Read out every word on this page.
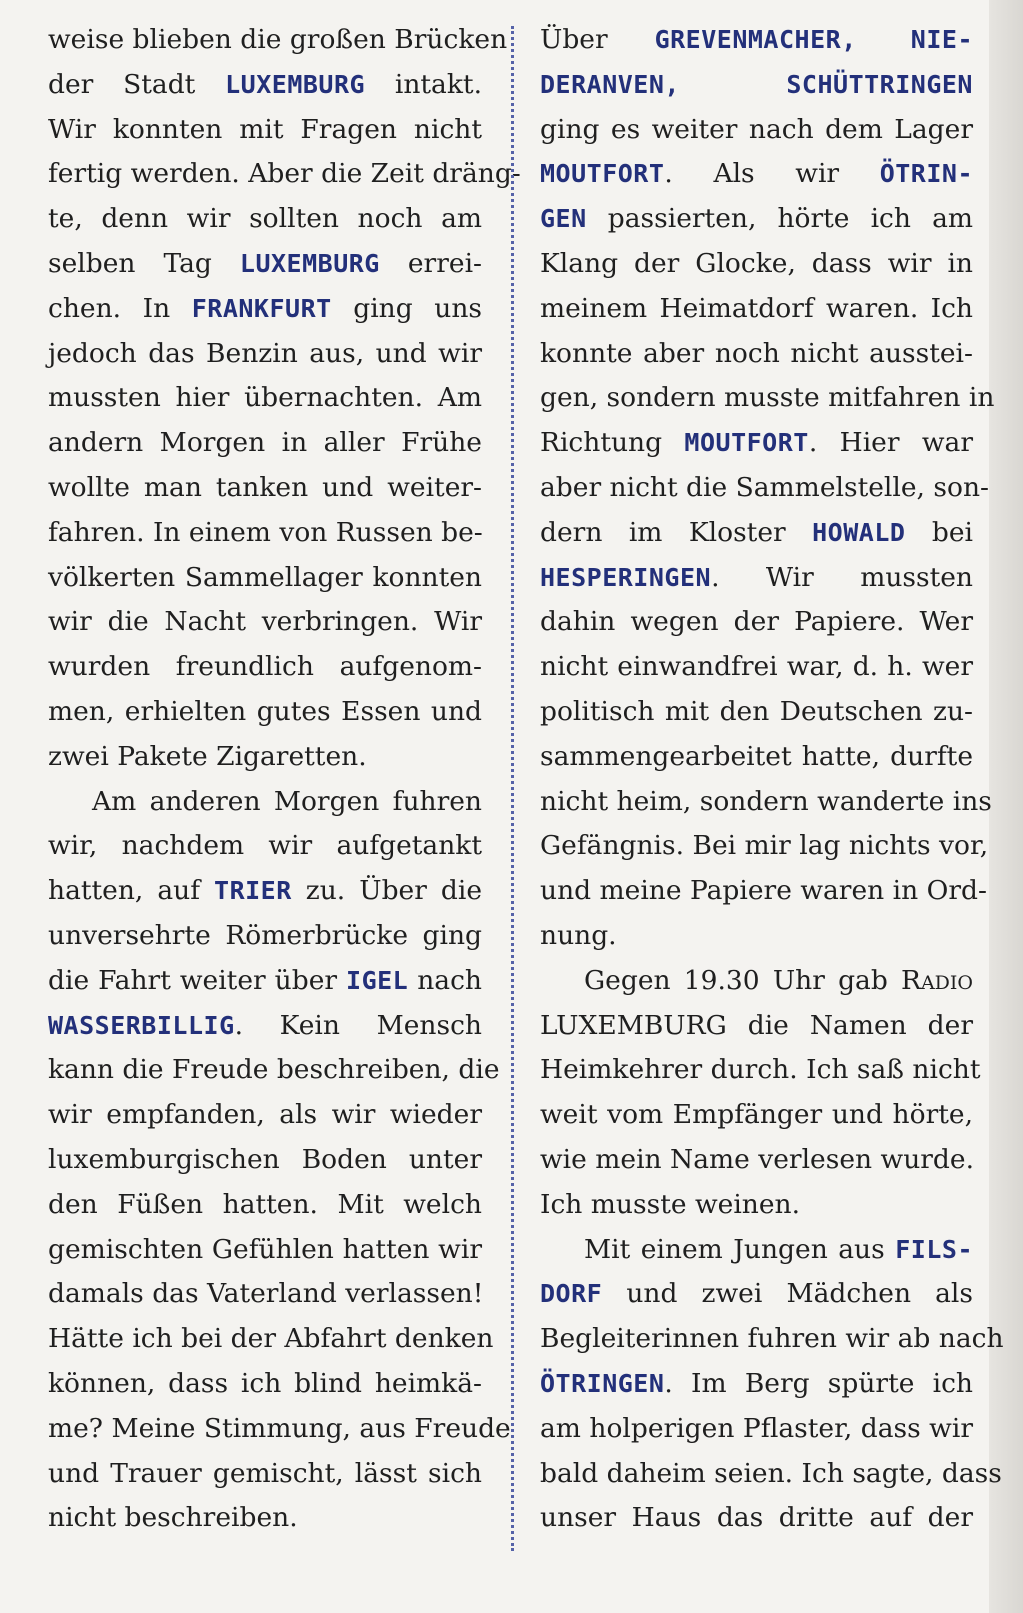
weise blieben die großen Brücken
der Stadt LUXEMBURG intakt.
Wir konnten mit Fragen nicht
fertig werden. Aber die Zeit dräng-
te, denn wir sollten noch am
selben Tag LUXEMBURG errei-
chen. In FRANKFURT ging uns
jedoch das Benzin aus, und wir
mussten hier übernachten. Am
andern Morgen in aller Frühe
wollte man tanken und weiter-
fahren. In einem von Russen be-
völkerten Sammellager konnten
wir die Nacht verbringen. Wir
wurden freundlich aufgenom-
men, erhielten gutes Essen und
zwei Pakete Zigaretten.
Am anderen Morgen fuhren
wir, nachdem wir aufgetankt
hatten, auf TRIER zu. Über die
unversehrte Römerbrücke ging
die Fahrt weiter über IGEL nach
WASSERBILLIG. Kein Mensch
kann die Freude beschreiben, die
wir empfanden, als wir wieder
luxemburgischen Boden unter
den Füßen hatten. Mit welch
gemischten Gefühlen hatten wir
damals das Vaterland verlassen!
Hätte ich bei der Abfahrt denken
können, dass ich blind heimkä-
me? Meine Stimmung, aus Freude
und Trauer gemischt, lässt sich
nicht beschreiben.
Über GREVENMACHER, NIE-
DERANVEN, SCHÜTTRINGEN
ging es weiter nach dem Lager
MOUTFORT. Als wir ÖTRIN-
GEN passierten, hörte ich am
Klang der Glocke, dass wir in
meinem Heimatdorf waren. Ich
konnte aber noch nicht ausstei-
gen, sondern musste mitfahren in
Richtung MOUTFORT. Hier war
aber nicht die Sammelstelle, son-
dern im Kloster HOWALD bei
HESPERINGEN. Wir mussten
dahin wegen der Papiere. Wer
nicht einwandfrei war, d. h. wer
politisch mit den Deutschen zu-
sammengearbeitet hatte, durfte
nicht heim, sondern wanderte ins
Gefängnis. Bei mir lag nichts vor,
und meine Papiere waren in Ord-
nung.
Gegen 19.30 Uhr gab Radio
LUXEMBURG die Namen der
Heimkehrer durch. Ich saß nicht
weit vom Empfänger und hörte,
wie mein Name verlesen wurde.
Ich musste weinen.
Mit einem Jungen aus FILS-
DORF und zwei Mädchen als
Begleiterinnen fuhren wir ab nach
ÖTRINGEN. Im Berg spürte ich
am holperigen Pflaster, dass wir
bald daheim seien. Ich sagte, dass
unser Haus das dritte auf der
